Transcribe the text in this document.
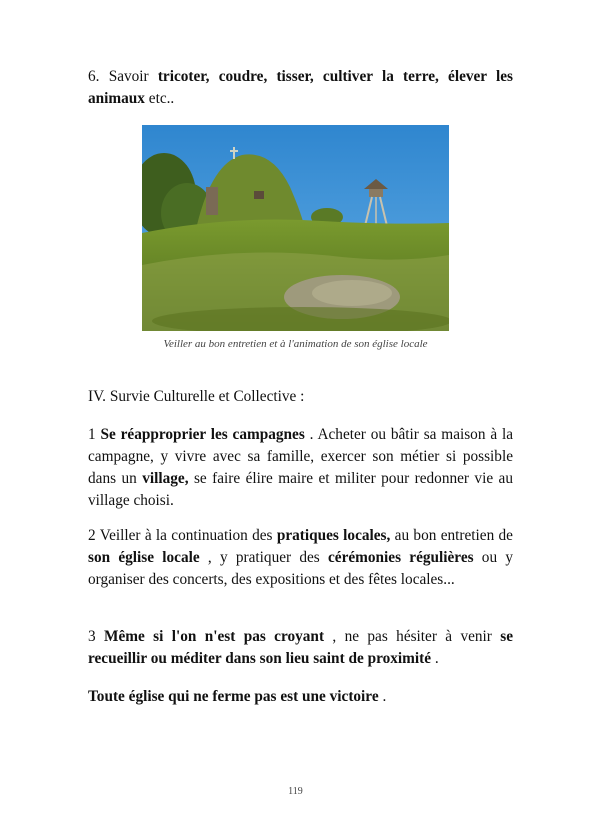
6. Savoir tricoter, coudre, tisser, cultiver la terre, élever les animaux etc..
Veiller au bon entretien et à l'animation de son église locale
IV. Survie Culturelle et Collective :
1 Se réapproprier les campagnes . Acheter ou bâtir sa maison à la campagne, y vivre avec sa famille, exercer son métier si possible dans un village, se faire élire maire et militer pour redonner vie au village choisi.
2 Veiller à la continuation des pratiques locales, au bon entretien de son église locale , y pratiquer des cérémonies régulières ou y organiser des concerts, des expositions et des fêtes locales...
3 Même si l'on n'est pas croyant , ne pas hésiter à venir se recueillir ou méditer dans son lieu saint de proximité .
Toute église qui ne ferme pas est une victoire .
119
